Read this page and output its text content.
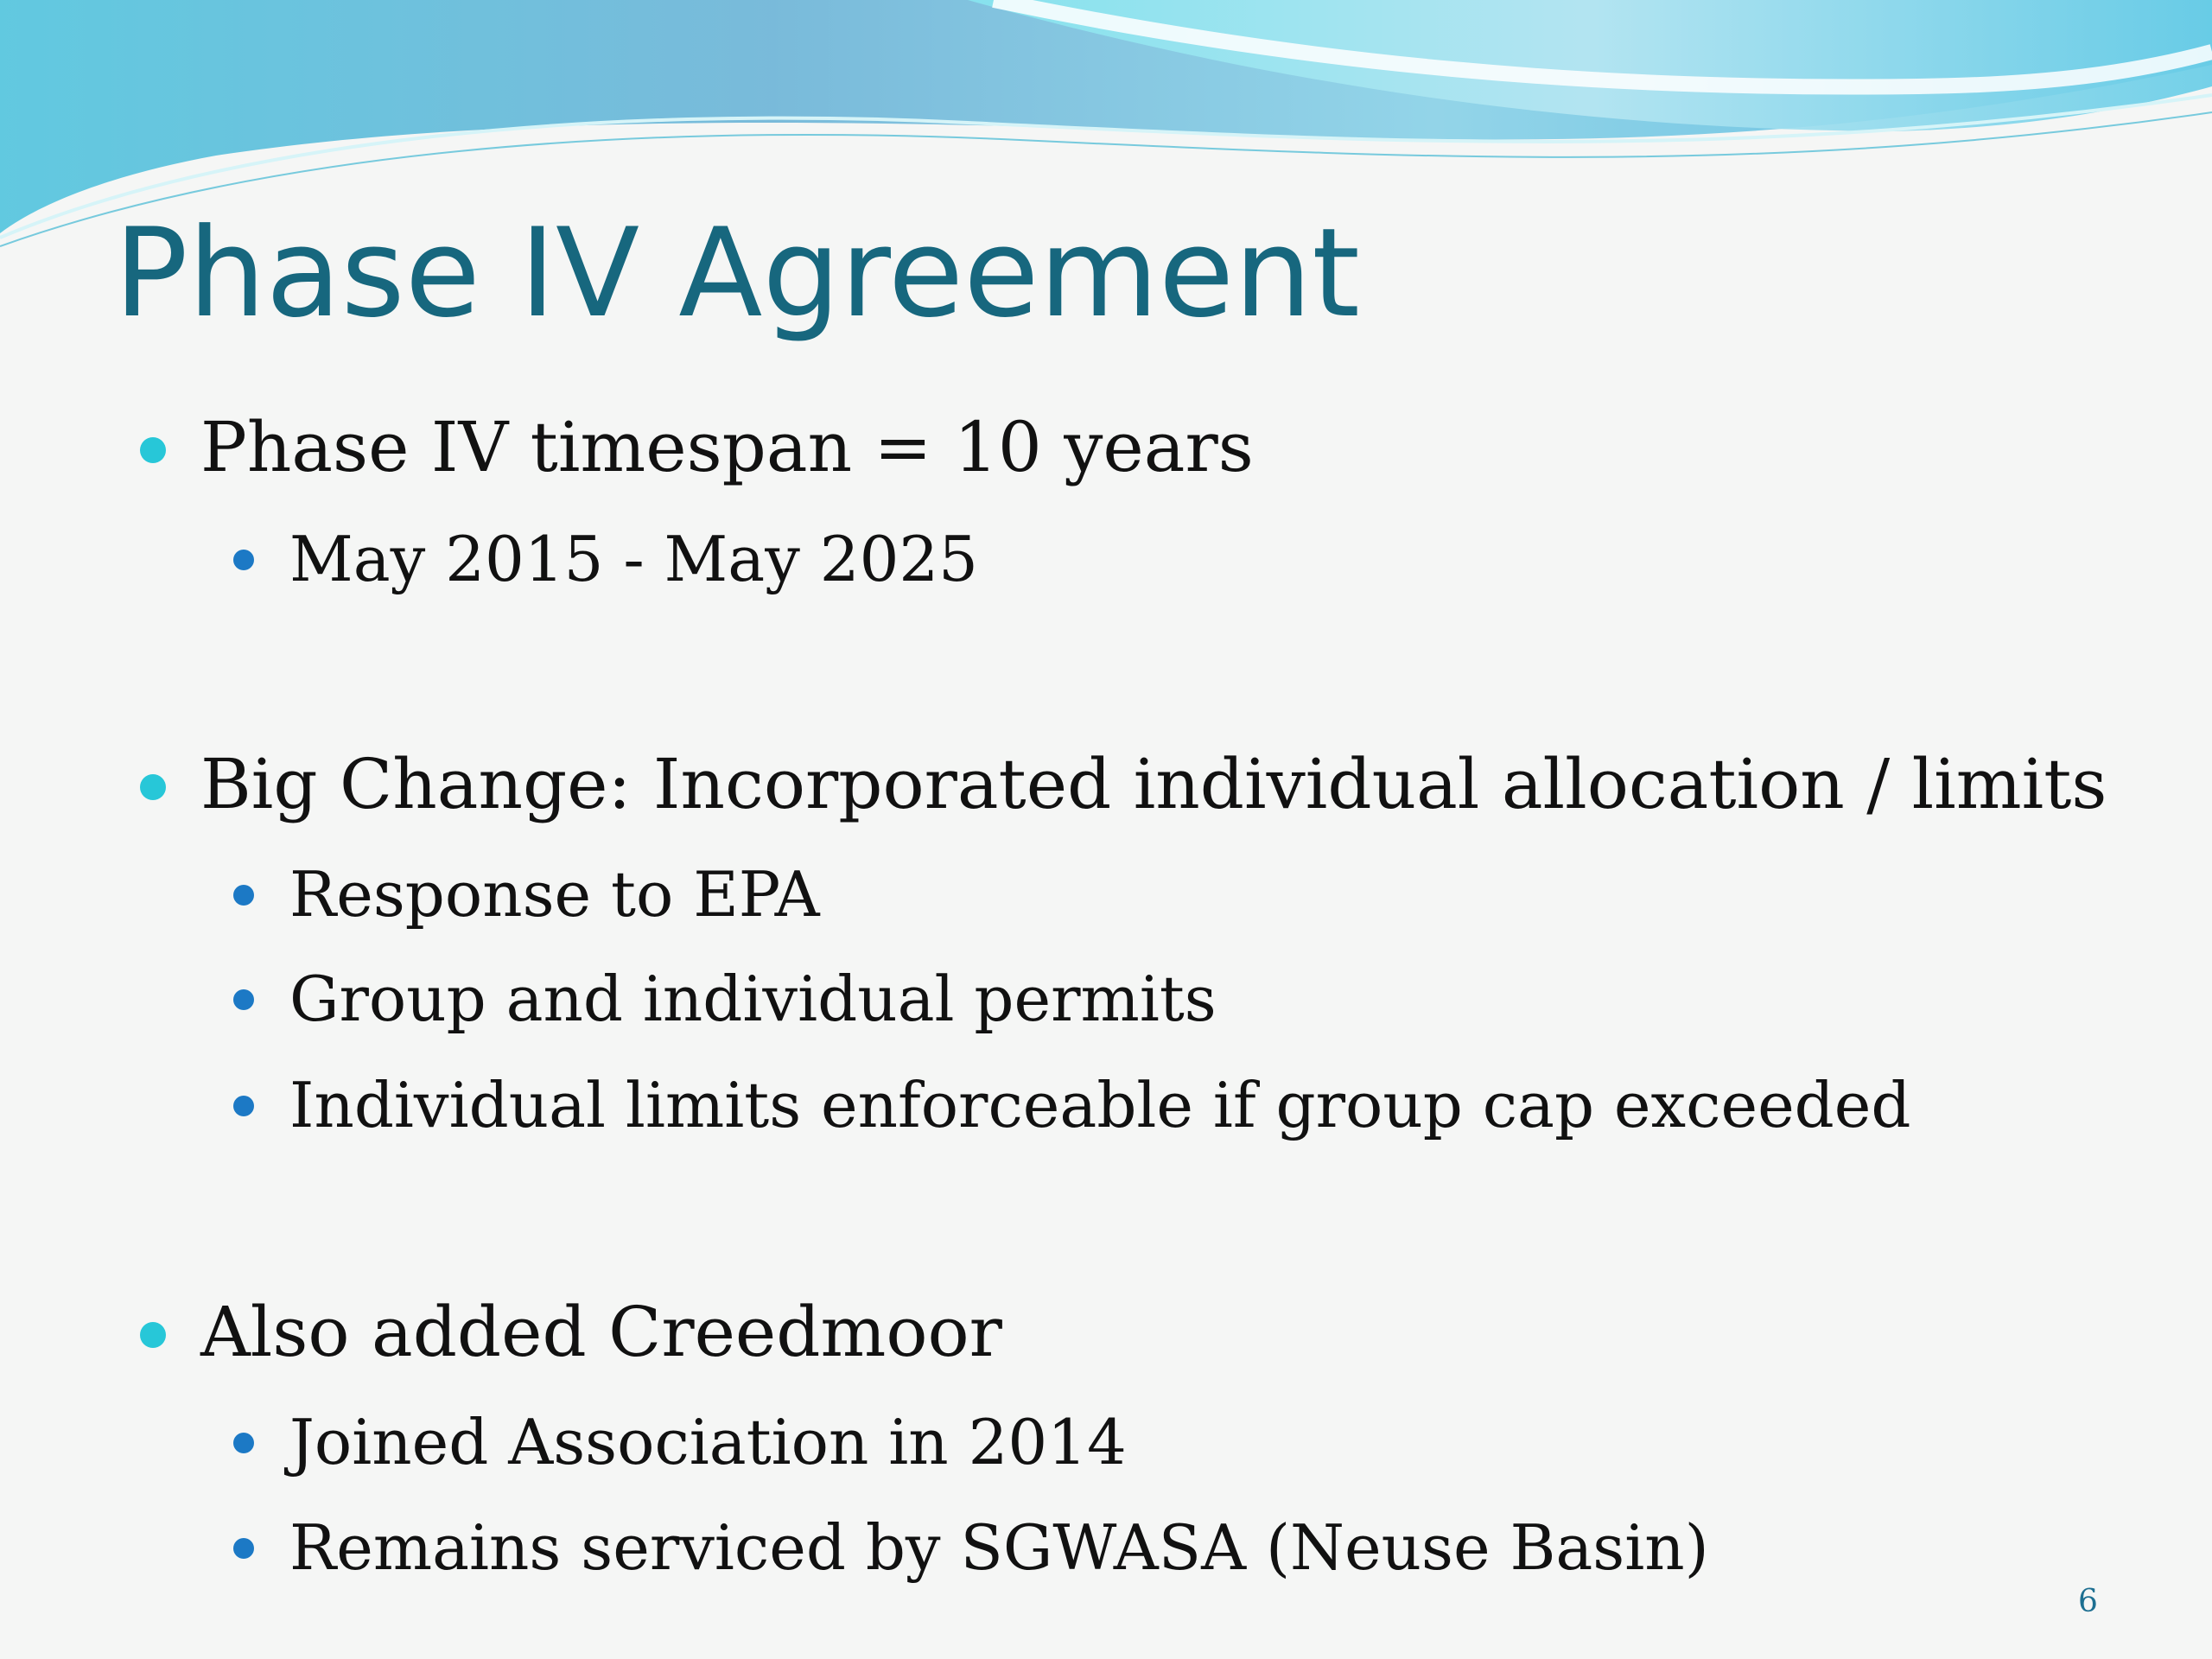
Phase IV Agreement
Phase IV timespan = 10 years
May 2015 - May 2025
Big Change: Incorporated individual allocation / limits
Response to EPA
Group and individual permits
Individual limits enforceable if group cap exceeded
Also added Creedmoor
Joined Association in 2014
Remains serviced by SGWASA (Neuse Basin)
6
